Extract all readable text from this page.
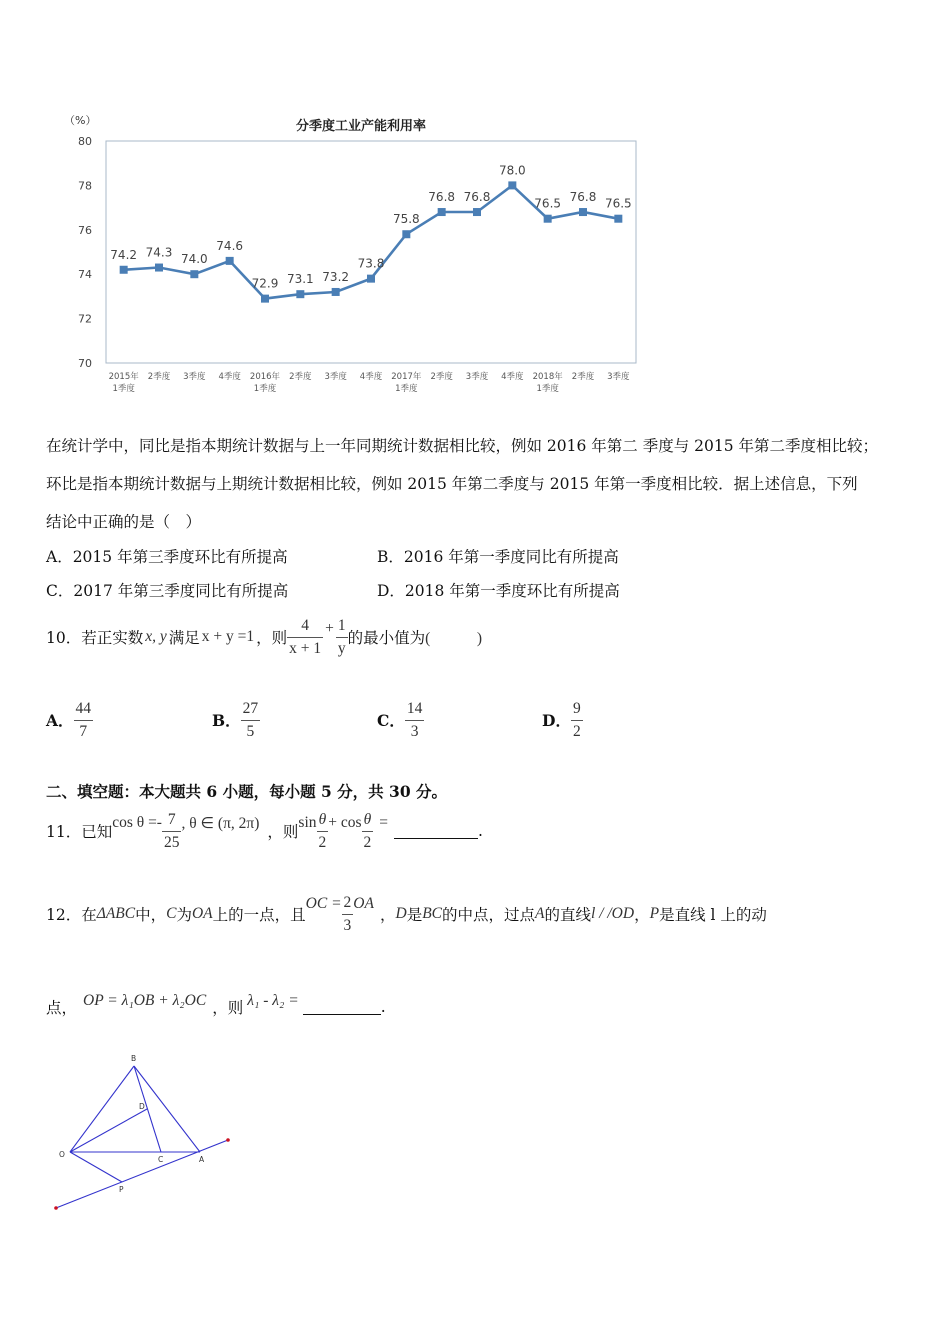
（%）	分季度工业产能利用率
80
78
76
74
72
70
2015年
1季度
2季度 3季度 4季度 2016年
1季度
2季度 3季度 4季度 2017年
1季度
2季度 3季度 4季度 2018年
1季度
2季度 3季度
74.2 74.3 74.0
74.6
72.9 73.1 73.2
73.8
75.8
76.8 76.8
78.0
76.5 76.8 76.5
在统计学中，同比是指本期统计数据与上一年同期统计数据相比较，例如 2016 年第二 季度与 2015 年第二季度相比较；
环比是指本期统计数据与上期统计数据相比较，例如 2015 年第二季度与 2015 年第一季度相比较．据上述信息，下列
结论中正确的是（　）
A．2015 年第三季度环比有所提高	B．2016 年第一季度同比有所提高
C．2017 年第三季度同比有所提高	D．2018 年第一季度环比有所提高
10．若正实数 x, y 满足 x + y =1 ，则 $\frac{4}{x + 1} + \frac{1}{y}$ 的最小值为 (　　　)
A． $\frac{44}{7}$	B． $\frac{27}{5}$	C． $\frac{14}{3}$	D． $\frac{9}{2}$
二、填空题：本大题共 6 小题，每小题 5 分，共 30 分。
11．已知
$\cos \theta =- \frac{7}{25}$ , θ ∈ (π, 2π) ，则
$\sin \frac{\theta}{2} + \cos \frac{\theta}{2}$ =	.
12．在 ΔABC 中， C 为 OA 上的一点，且
OC = $\frac{2}{3}$ OA
， D 是 BC 的中点，过点 A 的直线 l / /OD ， P 是直线 l 上的动
点， OP = λ₁OB + λ₂OC ，则 λ₁ - λ₂ =	.
B
D
O
C	A
P
